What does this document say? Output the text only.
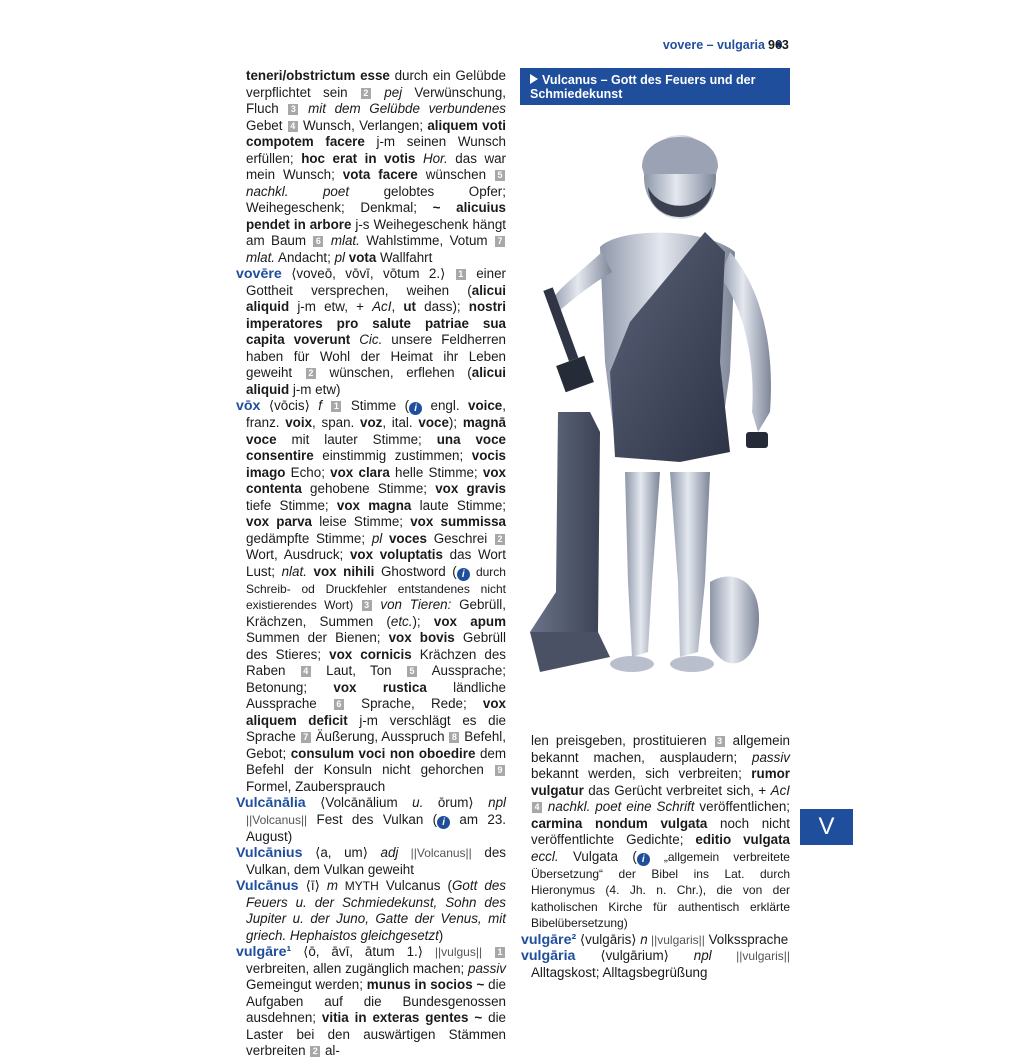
vovere – vulgaria 963

teneri/obstrictum esse durch ein Gelübde verpflichtet sein 2 pej Verwünschung, Fluch 3 mit dem Gelübde verbundenes Gebet 4 Wunsch, Verlangen; aliquem voti compotem facere j-m seinen Wunsch erfüllen; hoc erat in votis Hor. das war mein Wunsch; vota facere wünschen 5 nachkl. poet gelobtes Opfer; Weihegeschenk; Denkmal; ~ alicuius pendet in arbore j-s Weihegeschenk hängt am Baum 6 mlat. Wahlstimme, Votum 7 mlat. Andacht; pl vota Wallfahrt

vovēre ⟨voveō, vōvī, vōtum 2.⟩ 1 einer Gottheit versprechen, weihen (alicui aliquid j-m etw, + AcI, ut dass); nostri imperatores pro salute patriae sua capita voverunt Cic. unsere Feldherren haben für Wohl der Heimat ihr Leben geweiht 2 wünschen, erflehen (alicui aliquid j-m etw)

vōx ⟨vōcis⟩ f 1 Stimme ( i engl. voice, franz. voix, span. voz, ital. voce); magnā voce mit lauter Stimme; una voce consentire einstimmig zustimmen; vocis imago Echo; vox clara helle Stimme; vox contenta gehobene Stimme; vox gravis tiefe Stimme; vox magna laute Stimme; vox parva leise Stimme; vox summissa gedämpfte Stimme; pl voces Geschrei 2 Wort, Ausdruck; vox voluptatis das Wort Lust; nlat. vox nihili Ghostword ( i durch Schreib- od Druckfehler entstandenes nicht existierendes Wort) 3 von Tieren: Gebrüll, Krächzen, Summen (etc.); vox apum Summen der Bienen; vox bovis Gebrüll des Stieres; vox cornicis Krächzen des Raben 4 Laut, Ton 5 Aussprache; Betonung; vox rustica ländliche Aussprache 6 Sprache, Rede; vox aliquem deficit j-m verschlägt es die Sprache 7 Äußerung, Ausspruch 8 Befehl, Gebot; consulum voci non oboedire dem Befehl der Konsuln nicht gehorchen 9 Formel, Zaubersprauch

Vulcānālia ⟨Volcānālium u. ōrum⟩ npl ||Volcanus|| Fest des Vulkan ( i am 23. August)

Vulcānius ⟨a, um⟩ adj ||Volcanus|| des Vulkan, dem Vulkan geweiht

Vulcānus ⟨ī⟩ m MYTH Vulcanus (Gott des Feuers u. der Schmiedekunst, Sohn des Jupiter u. der Juno, Gatte der Venus, mit griech. Hephaistos gleichgesetzt)

vulgāre¹ ⟨ō, āvī, ātum 1.⟩ ||vulgus|| 1 verbreiten, allen zugänglich machen; passiv Gemeingut werden; munus in socios ~ die Aufgaben auf die Bundesgenossen ausdehnen; vitia in exteras gentes ~ die Laster bei den auswärtigen Stämmen verbreiten 2 al-

Vulcanus – Gott des Feuers und der Schmiedekunst

len preisgeben, prostituieren 3 allgemein bekannt machen, ausplaudern; passiv bekannt werden, sich verbreiten; rumor vulgatur das Gerücht verbreitet sich, + AcI 4 nachkl. poet eine Schrift veröffentlichen; carmina nondum vulgata noch nicht veröffentlichte Gedichte; editio vulgata eccl. Vulgata ( i „allgemein verbreitete Übersetzung“ der Bibel ins Lat. durch Hieronymus (4. Jh. n. Chr.), die von der katholischen Kirche für authentisch erklärte Bibelübersetzung)

vulgāre² ⟨vulgāris⟩ n ||vulgaris|| Volkssprache

vulgāria ⟨vulgārium⟩ npl ||vulgaris|| Alltagskost; Alltagsbegrüßung

V
